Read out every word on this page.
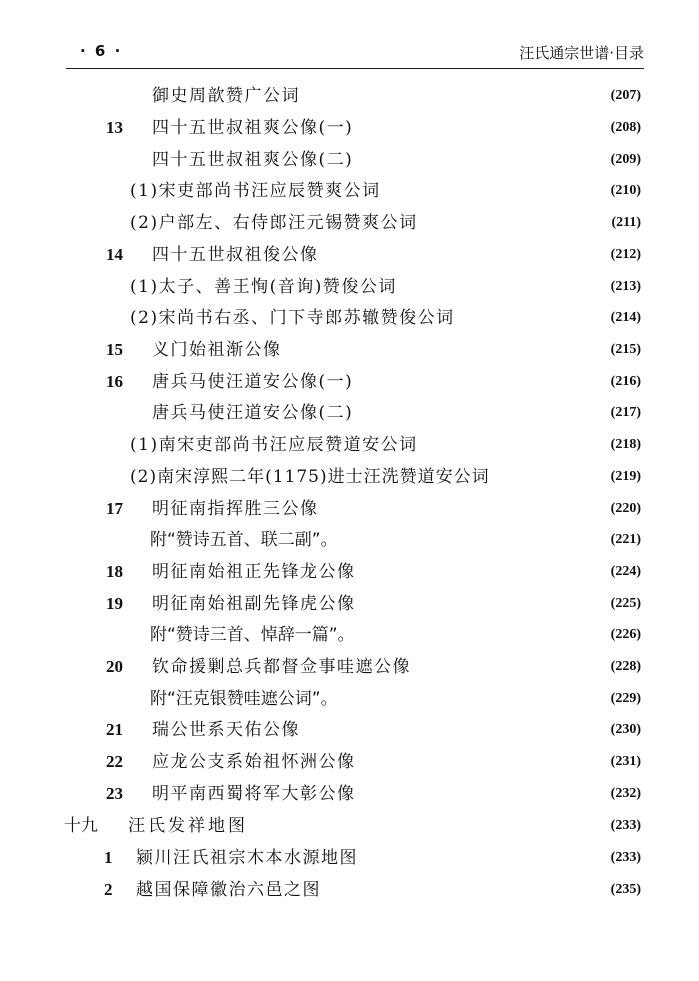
· 6 ·	汪氏通宗世谱·目录
御史周歆赞广公词	(207)
13 四十五世叔祖爽公像(一)	(208)
四十五世叔祖爽公像(二)	(209)
(1)宋吏部尚书汪应辰赞爽公词	(210)
(2)户部左、右侍郎汪元锡赞爽公词	(211)
14 四十五世叔祖俊公像	(212)
(1)太子、善王恂(音询)赞俊公词	(213)
(2)宋尚书右丞、门下寺郎苏辙赞俊公词	(214)
15 义门始祖渐公像	(215)
16 唐兵马使汪道安公像(一)	(216)
唐兵马使汪道安公像(二)	(217)
(1)南宋吏部尚书汪应辰赞道安公词	(218)
(2)南宋淳熙二年(1175)进士汪洗赞道安公词	(219)
17 明征南指挥胜三公像	(220)
附“赞诗五首、联二副”。	(221)
18 明征南始祖正先锋龙公像	(224)
19 明征南始祖副先锋虎公像	(225)
附“赞诗三首、悼辞一篇”。	(226)
20 钦命援剿总兵都督佥事哇遮公像	(228)
附“汪克银赞哇遮公词”。	(229)
21 瑞公世系天佑公像	(230)
22 应龙公支系始祖怀洲公像	(231)
23 明平南西蜀将军大彰公像	(232)
十九 汪氏发祥地图	(233)
1 颍川汪氏祖宗木本水源地图	(233)
2 越国保障徽治六邑之图	(235)
